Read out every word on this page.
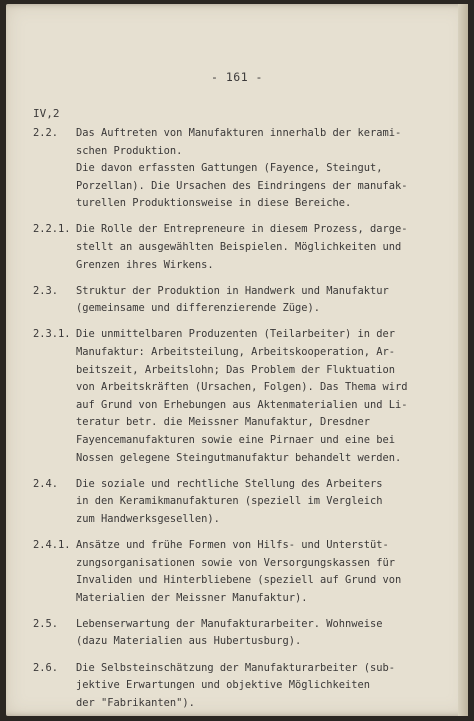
- 161 -
IV,2
2.2.	Das Auftreten von Manufakturen innerhalb der kerami-
schen Produktion.
Die davon erfassten Gattungen (Fayence, Steingut,
Porzellan). Die Ursachen des Eindringens der manufak-
turellen Produktionsweise in diese Bereiche.
2.2.1. Die Rolle der Entrepreneure in diesem Prozess, darge-
stellt an ausgewählten Beispielen. Möglichkeiten und
Grenzen ihres Wirkens.
2.3.	Struktur der Produktion in Handwerk und Manufaktur
(gemeinsame und differenzierende Züge).
2.3.1. Die unmittelbaren Produzenten (Teilarbeiter) in der
Manufaktur: Arbeitsteilung, Arbeitskooperation, Ar-
beitszeit, Arbeitslohn; Das Problem der Fluktuation
von Arbeitskräften (Ursachen, Folgen). Das Thema wird
auf Grund von Erhebungen aus Aktenmaterialien und Li-
teratur betr. die Meissner Manufaktur, Dresdner
Fayencemanufakturen sowie eine Pirnaer und eine bei
Nossen gelegene Steingutmanufaktur behandelt werden.
2.4.	Die soziale und rechtliche Stellung des Arbeiters
in den Keramikmanufakturen (speziell im Vergleich
zum Handwerksgesellen).
2.4.1. Ansätze und frühe Formen von Hilfs- und Unterstüt-
zungsorganisationen sowie von Versorgungskassen für
Invaliden und Hinterbliebene (speziell auf Grund von
Materialien der Meissner Manufaktur).
2.5.	Lebenserwartung der Manufakturarbeiter. Wohnweise
(dazu Materialien aus Hubertusburg).
2.6.	Die Selbsteinschätzung der Manufakturarbeiter (sub-
jektive Erwartungen und objektive Möglichkeiten
der "Fabrikanten").
